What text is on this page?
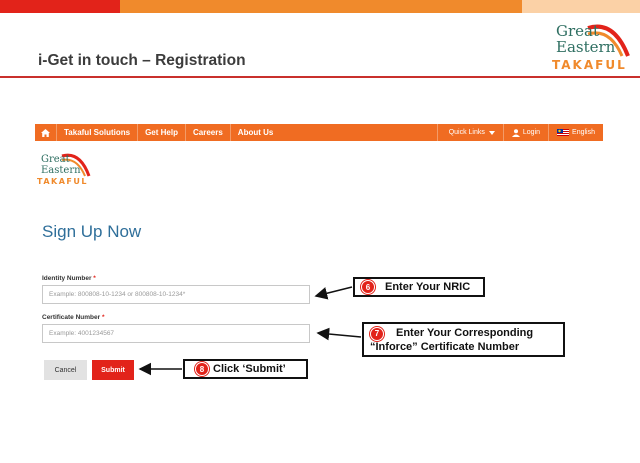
i-Get in touch – Registration
Great
Eastern
TAKAFUL
Takaful Solutions	Get Help	Careers	About Us	Quick Links	Login	English
Great
Eastern
TAKAFUL
Sign Up Now
Identity Number *
Example: 800808-10-1234 or 800808-10-1234*
Certificate Number *
Example: 4001234567
Cancel	Submit
6	Enter Your NRIC
7	Enter Your Corresponding
“Inforce” Certificate Number
8 Click ‘Submit’
